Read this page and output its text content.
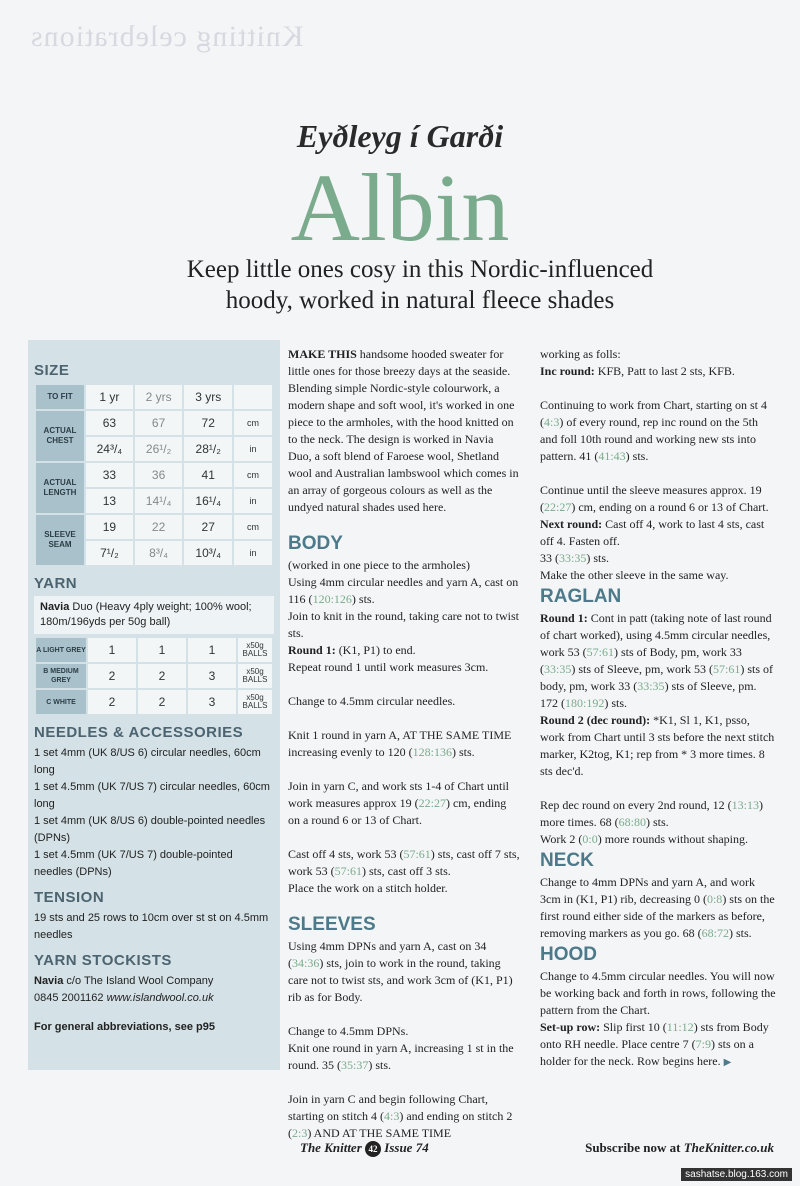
Knitting celebrations
Eyðleyg í Garði
Albin
Keep little ones cosy in this Nordic-influenced
hoody, worked in natural fleece shades
SIZE
TO FIT	1 yr	2 yrs	3 yrs	
ACTUAL CHEST	63	67	72	cm
	24³/₄	26¹/₂	28¹/₂	in
ACTUAL LENGTH	33	36	41	cm
	13	14¹/₄	16¹/₄	in
SLEEVE SEAM	19	22	27	cm
	7¹/₂	8³/₄	10³/₄	in
YARN
Navia Duo (Heavy 4ply weight; 100% wool; 180m/196yds per 50g ball)
A LIGHT GREY	1	1	1	x50g BALLS
B MEDIUM GREY	2	2	3	x50g BALLS
C WHITE	2	2	3	x50g BALLS
NEEDLES & ACCESSORIES
1 set 4mm (UK 8/US 6) circular needles, 60cm long
1 set 4.5mm (UK 7/US 7) circular needles, 60cm long
1 set 4mm (UK 8/US 6) double-pointed needles (DPNs)
1 set 4.5mm (UK 7/US 7) double-pointed needles (DPNs)
TENSION
19 sts and 25 rows to 10cm over st st on 4.5mm needles
YARN STOCKISTS
Navia c/o The Island Wool Company
0845 2001162 www.islandwool.co.uk
For general abbreviations, see p95

MAKE THIS handsome hooded sweater for little ones for those breezy days at the seaside. Blending simple Nordic-style colourwork, a modern shape and soft wool, it's worked in one piece to the armholes, with the hood knitted on to the neck. The design is worked in Navia Duo, a soft blend of Faroese wool, Shetland wool and Australian lambswool which comes in an array of gorgeous colours as well as the undyed natural shades used here.

BODY

(worked in one piece to the armholes)

Using 4mm circular needles and yarn A, cast on 116 (120:126) sts.

Join to knit in the round, taking care not to twist sts.

Round 1: (K1, P1) to end.

Repeat round 1 until work measures 3cm.

Change to 4.5mm circular needles.

Knit 1 round in yarn A, AT THE SAME TIME increasing evenly to 120 (128:136) sts.

Join in yarn C, and work sts 1-4 of Chart until work measures approx 19 (22:27) cm, ending on a round 6 or 13 of Chart.

Cast off 4 sts, work 53 (57:61) sts, cast off 7 sts, work 53 (57:61) sts, cast off 3 sts.

Place the work on a stitch holder.

SLEEVES

Using 4mm DPNs and yarn A, cast on 34 (34:36) sts, join to work in the round, taking care not to twist sts, and work 3cm of (K1, P1) rib as for Body.

Change to 4.5mm DPNs.

Knit one round in yarn A, increasing 1 st in the round. 35 (35:37) sts.

Join in yarn C and begin following Chart, starting on stitch 4 (4:3) and ending on stitch 2 (2:3) AND AT THE SAME TIME

working as folls:

Inc round: KFB, Patt to last 2 sts, KFB.

Continuing to work from Chart, starting on st 4 (4:3) of every round, rep inc round on the 5th and foll 10th round and working new sts into pattern. 41 (41:43) sts.

Continue until the sleeve measures approx. 19 (22:27) cm, ending on a round 6 or 13 of Chart.

Next round: Cast off 4, work to last 4 sts, cast off 4. Fasten off.

33 (33:35) sts.

Make the other sleeve in the same way.

RAGLAN

Round 1: Cont in patt (taking note of last round of chart worked), using 4.5mm circular needles, work 53 (57:61) sts of Body, pm, work 33 (33:35) sts of Sleeve, pm, work 53 (57:61) sts of body, pm, work 33 (33:35) sts of Sleeve, pm. 172 (180:192) sts.

Round 2 (dec round): *K1, Sl 1, K1, psso, work from Chart until 3 sts before the next stitch marker, K2tog, K1; rep from * 3 more times. 8 sts dec'd.

Rep dec round on every 2nd round, 12 (13:13) more times. 68 (68:80) sts.

Work 2 (0:0) more rounds without shaping.

NECK

Change to 4mm DPNs and yarn A, and work 3cm in (K1, P1) rib, decreasing 0 (0:8) sts on the first round either side of the markers as before, removing markers as you go. 68 (68:72) sts.

HOOD

Change to 4.5mm circular needles. You will now be working back and forth in rows, following the pattern from the Chart.

Set-up row: Slip first 10 (11:12) sts from Body onto RH needle. Place centre 7 (7:9) sts on a holder for the neck. Row begins here. ▶

The Knitter 42 Issue 74	Subscribe now at TheKnitter.co.uk
sashatse.blog.163.com
